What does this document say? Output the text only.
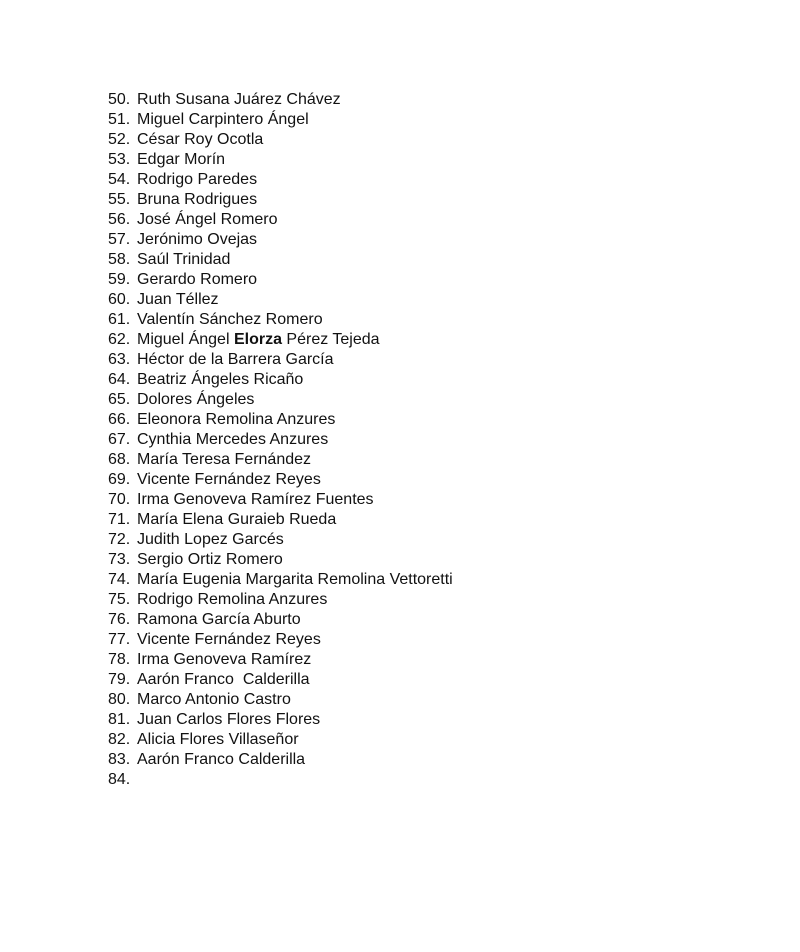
50. Ruth Susana Juárez Chávez
51. Miguel Carpintero Ángel
52. César Roy Ocotla
53. Edgar Morín
54. Rodrigo Paredes
55. Bruna Rodrigues
56. José Ángel Romero
57. Jerónimo Ovejas
58. Saúl Trinidad
59. Gerardo Romero
60. Juan Téllez
61. Valentín Sánchez Romero
62. Miguel Ángel Elorza Pérez Tejeda
63. Héctor de la Barrera García
64. Beatriz Ángeles Ricaño
65. Dolores Ángeles
66. Eleonora Remolina Anzures
67. Cynthia Mercedes Anzures
68. María Teresa Fernández
69. Vicente Fernández Reyes
70. Irma Genoveva Ramírez Fuentes
71. María Elena Guraieb Rueda
72. Judith Lopez Garcés
73. Sergio Ortiz Romero
74. María Eugenia Margarita Remolina Vettoretti
75. Rodrigo Remolina Anzures
76. Ramona García Aburto
77. Vicente Fernández Reyes
78. Irma Genoveva Ramírez
79. Aarón Franco  Calderilla
80. Marco Antonio Castro
81. Juan Carlos Flores Flores
82. Alicia Flores Villaseñor
83. Aarón Franco Calderilla
84.
